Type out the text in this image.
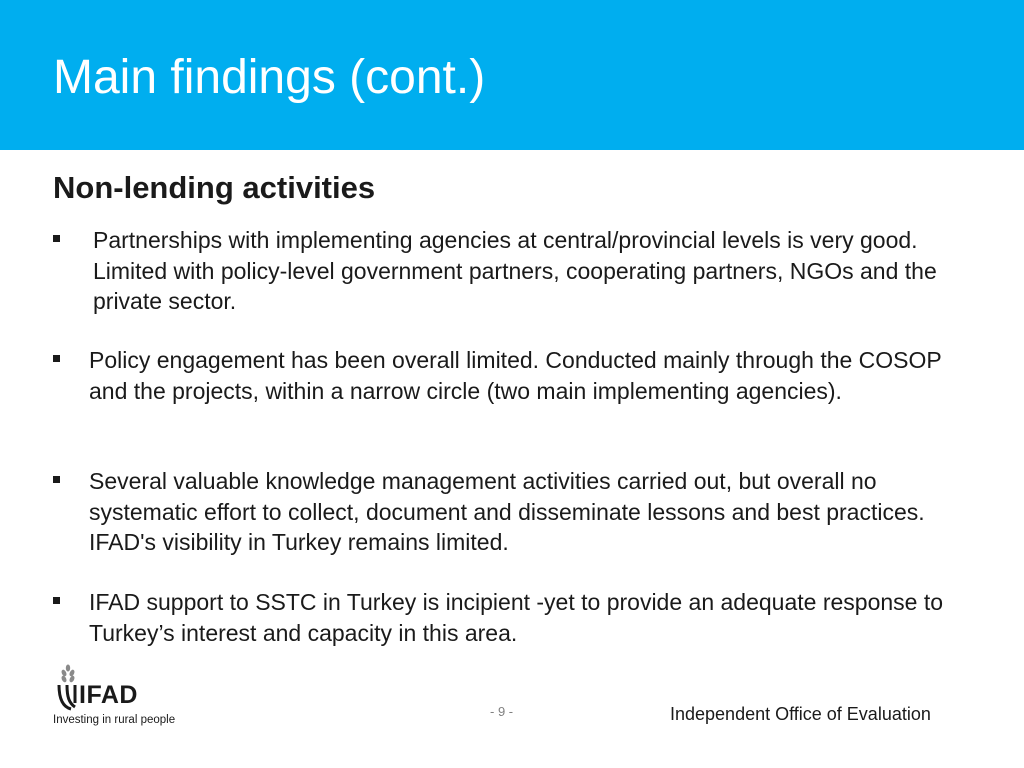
Main findings (cont.)
Non-lending activities

Partnerships with implementing agencies at central/provincial levels is very good. Limited with policy-level government partners, cooperating partners, NGOs and the private sector.

Policy engagement has been overall limited. Conducted mainly through the COSOP and the projects, within a narrow circle (two main implementing agencies).

Several valuable knowledge management activities carried out, but overall no systematic effort to collect, document and disseminate lessons and best practices. IFAD's visibility in Turkey remains limited.

IFAD support to SSTC in Turkey is incipient -yet to provide an adequate response to Turkey’s interest and capacity in this area.

IFAD
Investing in rural people
- 9 -	Independent Office of Evaluation
